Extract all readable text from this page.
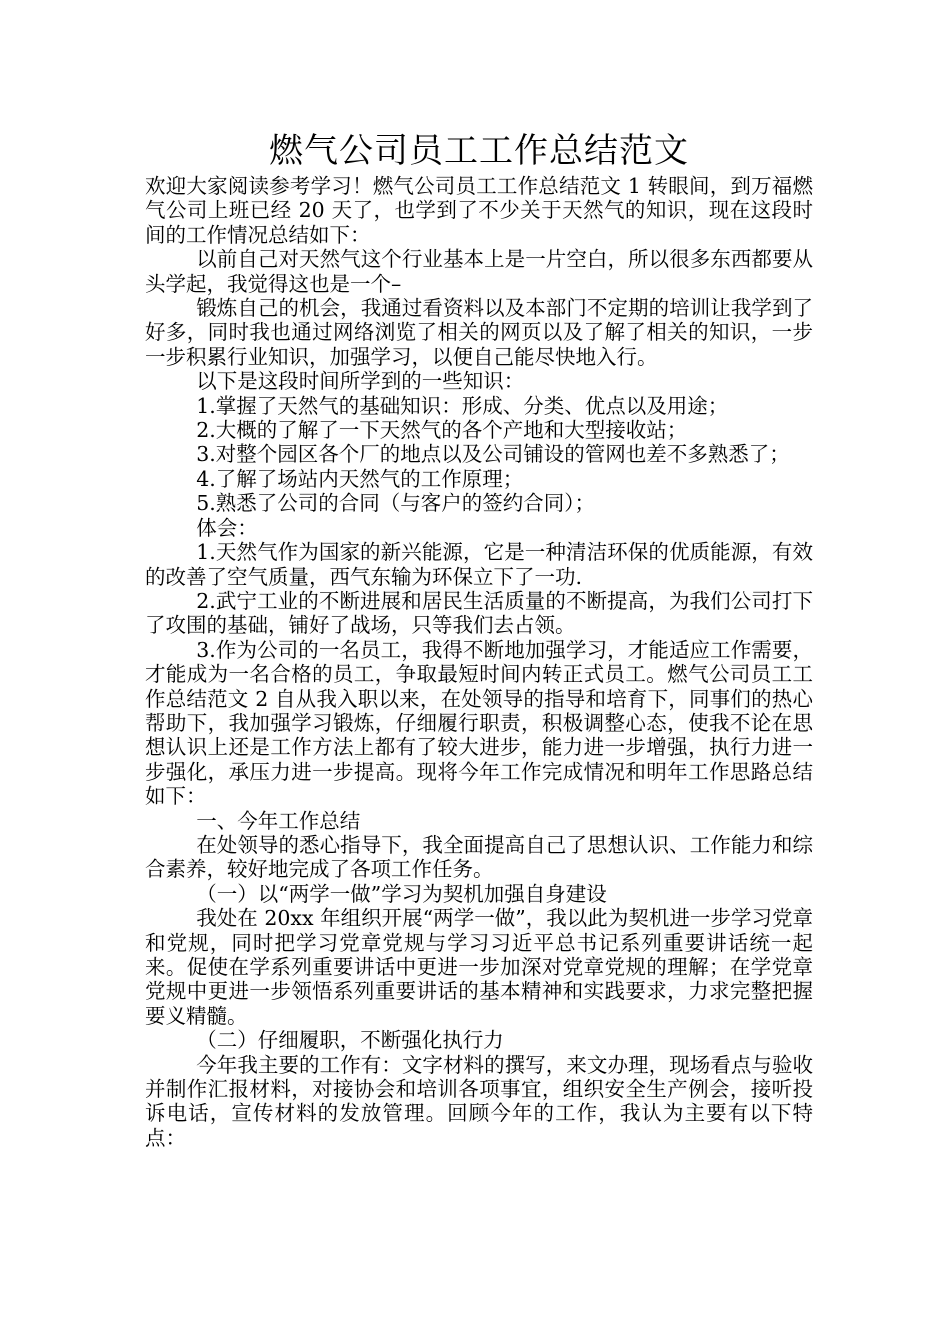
燃气公司员工工作总结范文

欢迎大家阅读参考学习！燃气公司员工工作总结范文 1 转眼间，到万福燃气公司上班已经 20 天了，也学到了不少关于天然气的知识，现在这段时间的工作情况总结如下：

以前自己对天然气这个行业基本上是一片空白，所以很多东西都要从头学起，我觉得这也是一个–

锻炼自己的机会，我通过看资料以及本部门不定期的培训让我学到了好多，同时我也通过网络浏览了相关的网页以及了解了相关的知识，一步一步积累行业知识，加强学习，以便自己能尽快地入行。

以下是这段时间所学到的一些知识：

1.掌握了天然气的基础知识：形成、分类、优点以及用途；

2.大概的了解了一下天然气的各个产地和大型接收站；

3.对整个园区各个厂的地点以及公司铺设的管网也差不多熟悉了；

4.了解了场站内天然气的工作原理；

5.熟悉了公司的合同（与客户的签约合同）；

体会：

1.天然气作为国家的新兴能源，它是一种清洁环保的优质能源，有效的改善了空气质量，西气东输为环保立下了一功.

2.武宁工业的不断进展和居民生活质量的不断提高，为我们公司打下了攻围的基础，铺好了战场，只等我们去占领。

3.作为公司的一名员工，我得不断地加强学习，才能适应工作需要，才能成为一名合格的员工，争取最短时间内转正式员工。燃气公司员工工作总结范文 2 自从我入职以来，在处领导的指导和培育下，同事们的热心帮助下，我加强学习锻炼，仔细履行职责，积极调整心态，使我不论在思想认识上还是工作方法上都有了较大进步，能力进一步增强，执行力进一步强化，承压力进一步提高。现将今年工作完成情况和明年工作思路总结如下：

一、今年工作总结

在处领导的悉心指导下，我全面提高自己了思想认识、工作能力和综合素养，较好地完成了各项工作任务。

（一）以“两学一做”学习为契机加强自身建设

我处在 20xx 年组织开展“两学一做”，我以此为契机进一步学习党章和党规，同时把学习党章党规与学习习近平总书记系列重要讲话统一起来。促使在学系列重要讲话中更进一步加深对党章党规的理解；在学党章党规中更进一步领悟系列重要讲话的基本精神和实践要求，力求完整把握要义精髓。

（二）仔细履职，不断强化执行力

今年我主要的工作有：文字材料的撰写，来文办理，现场看点与验收并制作汇报材料，对接协会和培训各项事宜，组织安全生产例会，接听投诉电话，宣传材料的发放管理。回顾今年的工作，我认为主要有以下特点：
